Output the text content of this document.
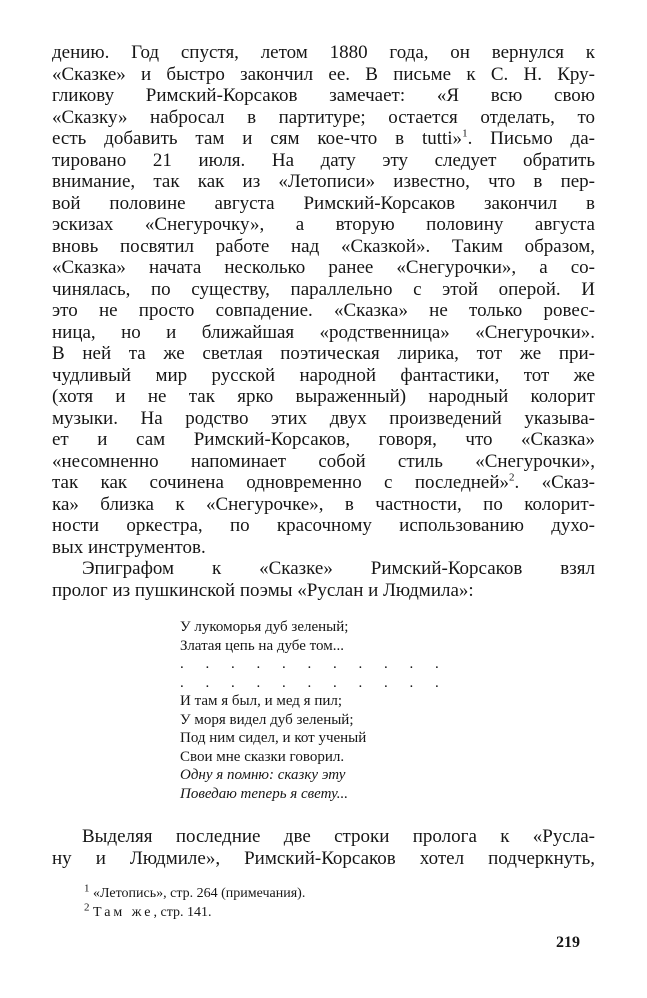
дению. Год спустя, летом 1880 года, он вернулся к
«Сказке» и быстро закончил ее. В письме к С. Н. Кру-
гликову Римский-Корсаков замечает: «Я всю свою
«Сказку» набросал в партитуре; остается отделать, то
есть добавить там и сям кое-что в tutti»$^1$. Письмо да-
тировано 21 июля. На дату эту следует обратить
внимание, так как из «Летописи» известно, что в пер-
вой половине августа Римский-Корсаков закончил в
эскизах «Снегурочку», а вторую половину августа
вновь посвятил работе над «Сказкой». Таким образом,
«Сказка» начата несколько ранее «Снегурочки», а со-
чинялась, по существу, параллельно с этой оперой. И
это не просто совпадение. «Сказка» не только ровес-
ница, но и ближайшая «родственница» «Снегурочки».
В ней та же светлая поэтическая лирика, тот же при-
чудливый мир русской народной фантастики, тот же
(хотя и не так ярко выраженный) народный колорит
музыки. На родство этих двух произведений указыва-
ет и сам Римский-Корсаков, говоря, что «Сказка»
«несомненно напоминает собой стиль «Снегурочки»,
так как сочинена одновременно с последней»$^2$. «Сказ-
ка» близка к «Снегурочке», в частности, по колорит-
ности оркестра, по красочному использованию духо-
вых инструментов.
Эпиграфом к «Сказке» Римский-Корсаков взял
пролог из пушкинской поэмы «Руслан и Людмила»:
У лукоморья дуб зеленый;
Златая цепь на дубе том...
. . . . . . . . . . .
. . . . . . . . . . .
И там я был, и мед я пил;
У моря видел дуб зеленый;
Под ним сидел, и кот ученый
Свои мне сказки говорил.
Одну я помню: сказку эту
Поведаю теперь я свету...
Выделяя последние две строки пролога к «Русла-
ну и Людмиле», Римский-Корсаков хотел подчеркнуть,
$^1$ «Летопись», стр. 264 (примечания).
$^2$ Там же, стр. 141.
219
